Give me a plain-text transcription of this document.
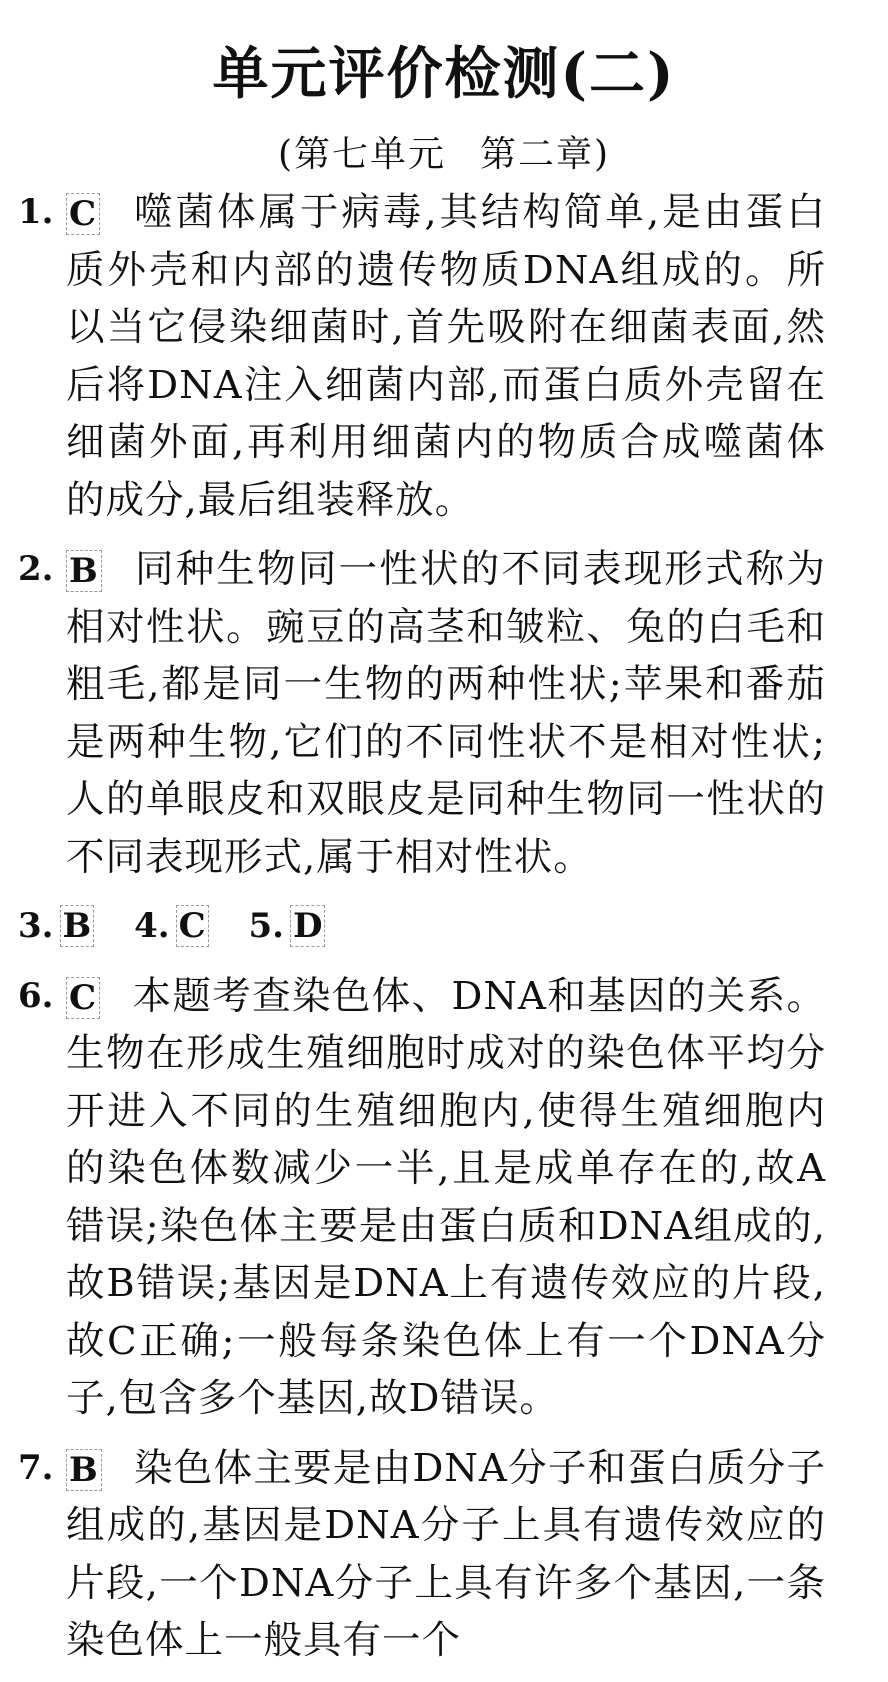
单元评价检测(二)
(第七单元 第二章)
1. C 噬菌体属于病毒,其结构简单,是由蛋白质外壳和内部的遗传物质DNA组成的。所以当它侵染细菌时,首先吸附在细菌表面,然后将DNA注入细菌内部,而蛋白质外壳留在细菌外面,再利用细菌内的物质合成噬菌体的成分,最后组装释放。
2. B 同种生物同一性状的不同表现形式称为相对性状。豌豆的高茎和皱粒、兔的白毛和粗毛,都是同一生物的两种性状;苹果和番茄是两种生物,它们的不同性状不是相对性状;人的单眼皮和双眼皮是同种生物同一性状的不同表现形式,属于相对性状。
3. B 4. C 5. D
6. C 本题考查染色体、DNA和基因的关系。生物在形成生殖细胞时成对的染色体平均分开进入不同的生殖细胞内,使得生殖细胞内的染色体数减少一半,且是成单存在的,故A错误;染色体主要是由蛋白质和DNA组成的,故B错误;基因是DNA上有遗传效应的片段,故C正确;一般每条染色体上有一个DNA分子,包含多个基因,故D错误。
7. B 染色体主要是由DNA分子和蛋白质分子组成的,基因是DNA分子上具有遗传效应的片段,一个DNA分子上具有许多个基因,一条染色体上一般具有一个
